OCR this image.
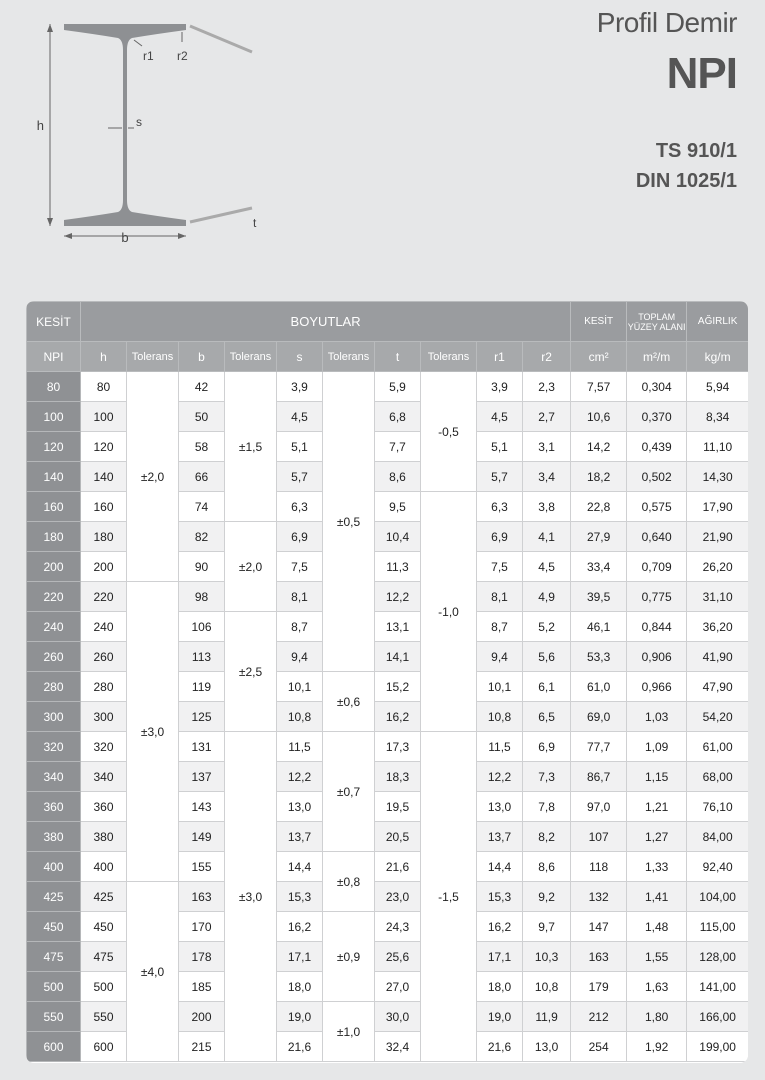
h
b
s
r1 r2
t
Profil Demir
NPI
TS 910/1
DIN 1025/1
KESİT	BOYUTLAR										KESİT	TOPLAM YÜZEY ALANI	AĞIRLIK
NPI	h	Tolerans	b	Tolerans	s	Tolerans	t	Tolerans	r1	r2	cm²	m²/m	kg/m
80	80	±2,0	42	±1,5	3,9	±0,5	5,9	-0,5	3,9	2,3	7,57	0,304	5,94
100	100		50		4,5		6,8		4,5	2,7	10,6	0,370	8,34
120	120		58		5,1		7,7		5,1	3,1	14,2	0,439	11,10
140	140		66		5,7		8,6		5,7	3,4	18,2	0,502	14,30
160	160		74		6,3		9,5	-1,0	6,3	3,8	22,8	0,575	17,90
180	180		82	±2,0	6,9		10,4		6,9	4,1	27,9	0,640	21,90
200	200		90		7,5		11,3		7,5	4,5	33,4	0,709	26,20
220	220	±3,0	98		8,1		12,2		8,1	4,9	39,5	0,775	31,10
240	240		106	±2,5	8,7		13,1		8,7	5,2	46,1	0,844	36,20
260	260		113		9,4		14,1		9,4	5,6	53,3	0,906	41,90
280	280		119		10,1	±0,6	15,2		10,1	6,1	61,0	0,966	47,90
300	300		125		10,8		16,2		10,8	6,5	69,0	1,03	54,20
320	320		131	±3,0	11,5	±0,7	17,3	-1,5	11,5	6,9	77,7	1,09	61,00
340	340		137		12,2		18,3		12,2	7,3	86,7	1,15	68,00
360	360		143		13,0		19,5		13,0	7,8	97,0	1,21	76,10
380	380		149		13,7		20,5		13,7	8,2	107	1,27	84,00
400	400		155		14,4	±0,8	21,6		14,4	8,6	118	1,33	92,40
425	425	±4,0	163		15,3		23,0		15,3	9,2	132	1,41	104,00
450	450		170		16,2	±0,9	24,3		16,2	9,7	147	1,48	115,00
475	475		178		17,1		25,6		17,1	10,3	163	1,55	128,00
500	500		185		18,0		27,0		18,0	10,8	179	1,63	141,00
550	550		200		19,0	±1,0	30,0		19,0	11,9	212	1,80	166,00
600	600		215		21,6		32,4		21,6	13,0	254	1,92	199,00
